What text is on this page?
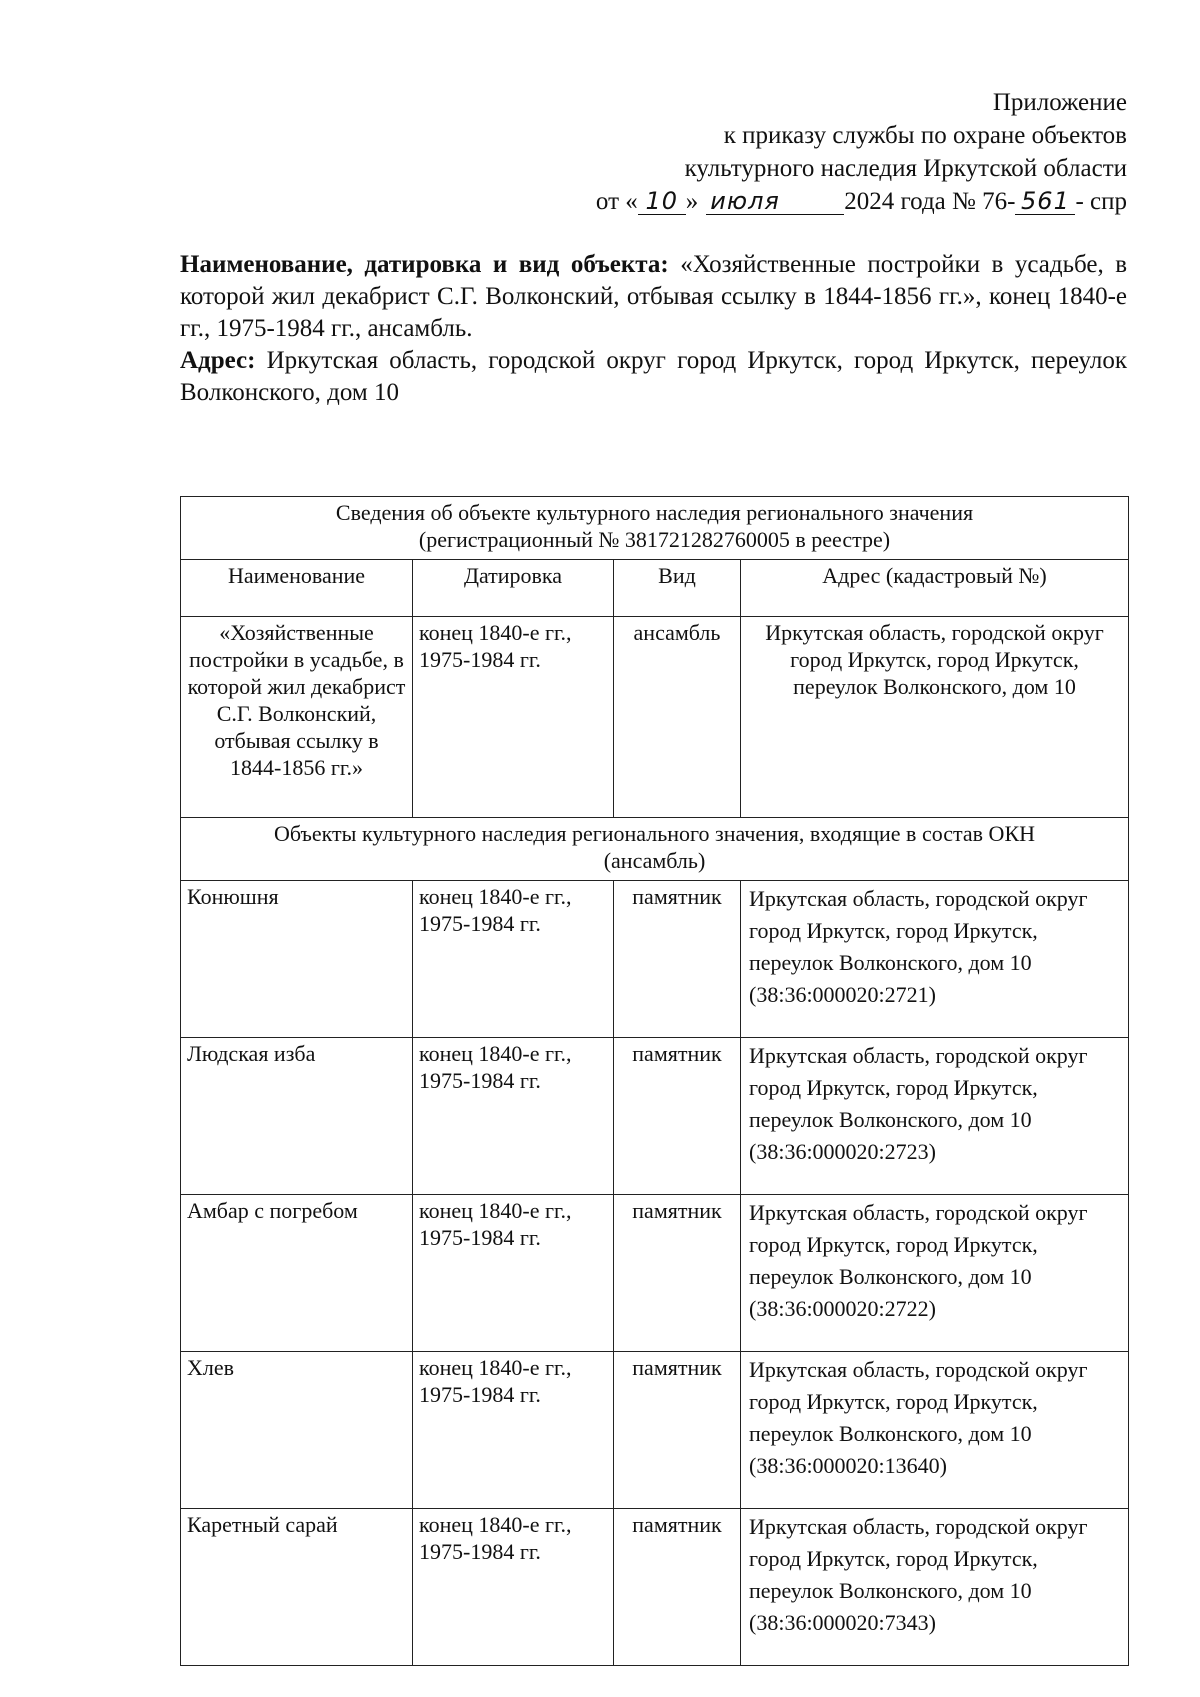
Приложение
к приказу службы по охране объектов
культурного наследия Иркутской области
от « 10 » июля	2024 года № 76- 561 - спр

Наименование, датировка и вид объекта: «Хозяйственные постройки в усадьбе, в которой жил декабрист С.Г. Волконский, отбывая ссылку в 1844-1856 гг.», конец 1840-е гг., 1975-1984 гг., ансамбль.

Адрес: Иркутская область, городской округ город Иркутск, город Иркутск, переулок Волконского, дом 10

Сведения об объекте культурного наследия регионального значения
(регистрационный № 381721282760005 в реестре)			

Наименование	Датировка	Вид	Адрес (кадастровый №)
«Хозяйственные постройки в усадьбе, в которой жил декабрист С.Г. Волконский, отбывая ссылку в 1844-1856 гг.»	конец 1840-е гг., 1975-1984 гг.	ансамбль	Иркутская область, городской округ город Иркутск, город Иркутск, переулок Волконского, дом 10

Объекты культурного наследия регионального значения, входящие в состав ОКН
(ансамбль)			

Конюшня	конец 1840-е гг., 1975-1984 гг.	памятник	Иркутская область, городской округ город Иркутск, город Иркутск, переулок Волконского, дом 10 (38:36:000020:2721)
Людская изба	конец 1840-е гг., 1975-1984 гг.	памятник	Иркутская область, городской округ город Иркутск, город Иркутск, переулок Волконского, дом 10 (38:36:000020:2723)
Амбар с погребом	конец 1840-е гг., 1975-1984 гг.	памятник	Иркутская область, городской округ город Иркутск, город Иркутск, переулок Волконского, дом 10 (38:36:000020:2722)
Хлев	конец 1840-е гг., 1975-1984 гг.	памятник	Иркутская область, городской округ город Иркутск, город Иркутск, переулок Волконского, дом 10 (38:36:000020:13640)
Каретный сарай	конец 1840-е гг., 1975-1984 гг.	памятник	Иркутская область, городской округ город Иркутск, город Иркутск, переулок Волконского, дом 10 (38:36:000020:7343)
